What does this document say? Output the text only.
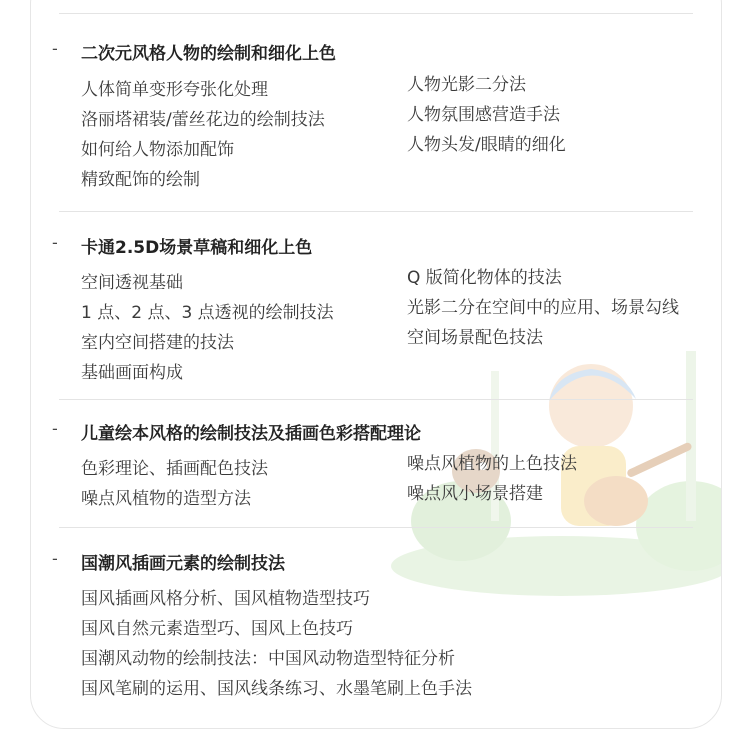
- 二次元风格人物的绘制和细化上色
人体简单变形夸张化处理
洛丽塔裙装/蕾丝花边的绘制技法
如何给人物添加配饰
精致配饰的绘制
人物光影二分法
人物氛围感营造手法
人物头发/眼睛的细化
- 卡通2.5D场景草稿和细化上色
空间透视基础
1 点、2 点、3 点透视的绘制技法
室内空间搭建的技法
基础画面构成
Q 版简化物体的技法
光影二分在空间中的应用、场景勾线
空间场景配色技法
- 儿童绘本风格的绘制技法及插画色彩搭配理论
色彩理论、插画配色技法
噪点风植物的造型方法
噪点风植物的上色技法
噪点风小场景搭建
- 国潮风插画元素的绘制技法
国风插画风格分析、国风植物造型技巧
国风自然元素造型巧、国风上色技巧
国潮风动物的绘制技法：中国风动物造型特征分析
国风笔刷的运用、国风线条练习、水墨笔刷上色手法
